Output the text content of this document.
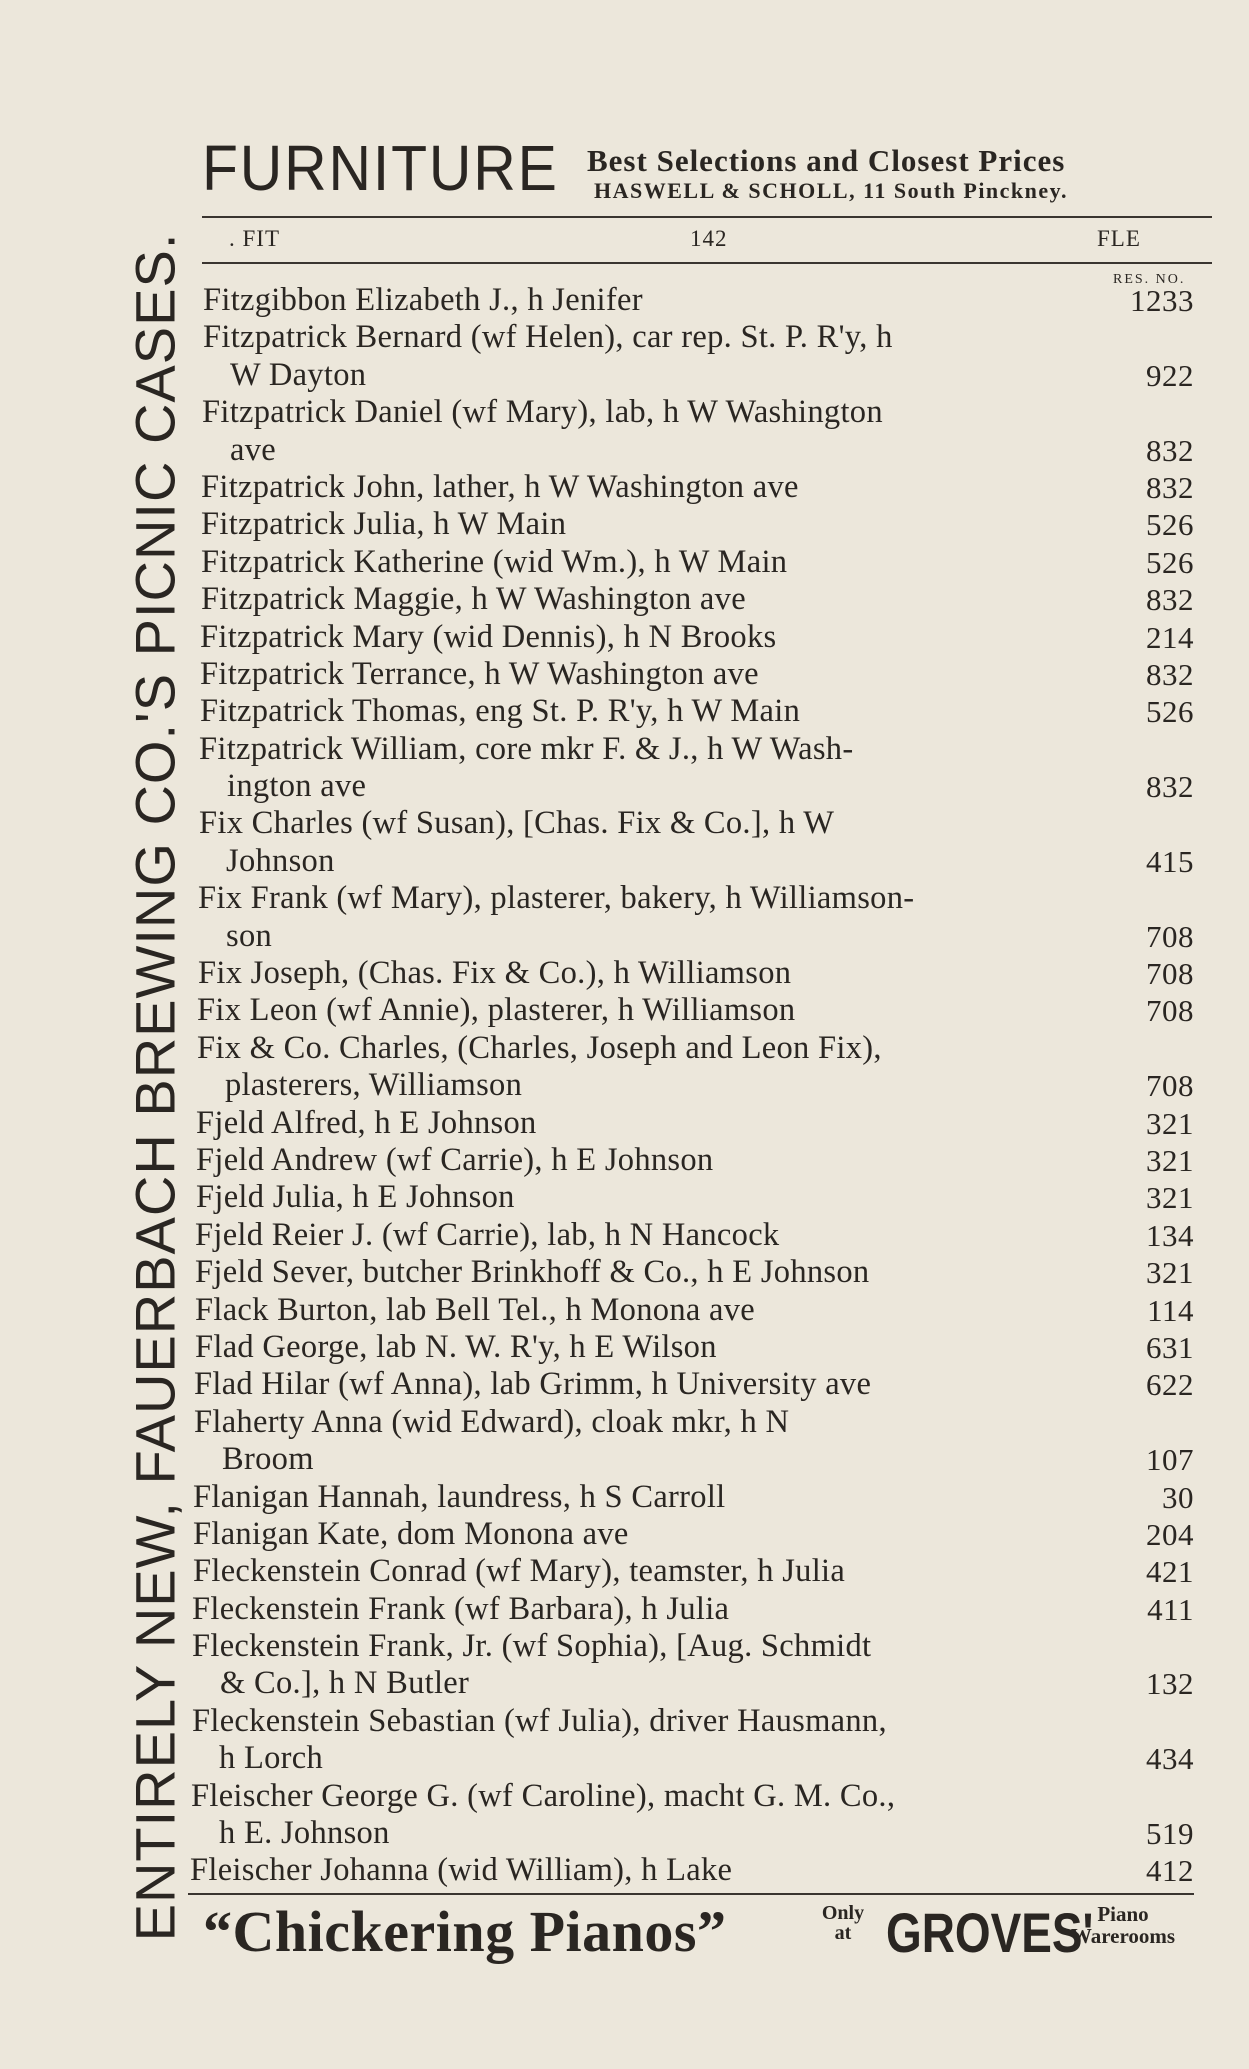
ENTIRELY NEW, FAUERBACH BREWING CO.'S PICNIC CASES.
FURNITURE Best Selections and Closest Prices
HASWELL & SCHOLL, 11 South Pinckney.
. FIT	142	FLE
RES. NO.
Fitzgibbon Elizabeth J., h Jenifer	1233
Fitzpatrick Bernard (wf Helen), car rep. St. P. R'y, h
W Dayton	922
Fitzpatrick Daniel (wf Mary), lab, h W Washington
ave	832
Fitzpatrick John, lather, h W Washington ave	832
Fitzpatrick Julia, h W Main	526
Fitzpatrick Katherine (wid Wm.), h W Main	526
Fitzpatrick Maggie, h W Washington ave	832
Fitzpatrick Mary (wid Dennis), h N Brooks	214
Fitzpatrick Terrance, h W Washington ave	832
Fitzpatrick Thomas, eng St. P. R'y, h W Main	526
Fitzpatrick William, core mkr F. & J., h W Wash-
ington ave	832
Fix Charles (wf Susan), [Chas. Fix & Co.], h W
Johnson	415
Fix Frank (wf Mary), plasterer, bakery, h Williamson-
son	708
Fix Joseph, (Chas. Fix & Co.), h Williamson	708
Fix Leon (wf Annie), plasterer, h Williamson	708
Fix & Co. Charles, (Charles, Joseph and Leon Fix),
plasterers, Williamson	708
Fjeld Alfred, h E Johnson	321
Fjeld Andrew (wf Carrie), h E Johnson	321
Fjeld Julia, h E Johnson	321
Fjeld Reier J. (wf Carrie), lab, h N Hancock	134
Fjeld Sever, butcher Brinkhoff & Co., h E Johnson	321
Flack Burton, lab Bell Tel., h Monona ave	114
Flad George, lab N. W. R'y, h E Wilson	631
Flad Hilar (wf Anna), lab Grimm, h University ave	622
Flaherty Anna (wid Edward), cloak mkr, h N
Broom	107
Flanigan Hannah, laundress, h S Carroll	30
Flanigan Kate, dom Monona ave	204
Fleckenstein Conrad (wf Mary), teamster, h Julia	421
Fleckenstein Frank (wf Barbara), h Julia	411
Fleckenstein Frank, Jr. (wf Sophia), [Aug. Schmidt
& Co.], h N Butler	132
Fleckenstein Sebastian (wf Julia), driver Hausmann,
h Lorch	434
Fleischer George G. (wf Caroline), macht G. M. Co.,
h E. Johnson	519
Fleischer Johanna (wid William), h Lake	412
“Chickering Pianos”	Only
at GROVES' Piano
Warerooms
